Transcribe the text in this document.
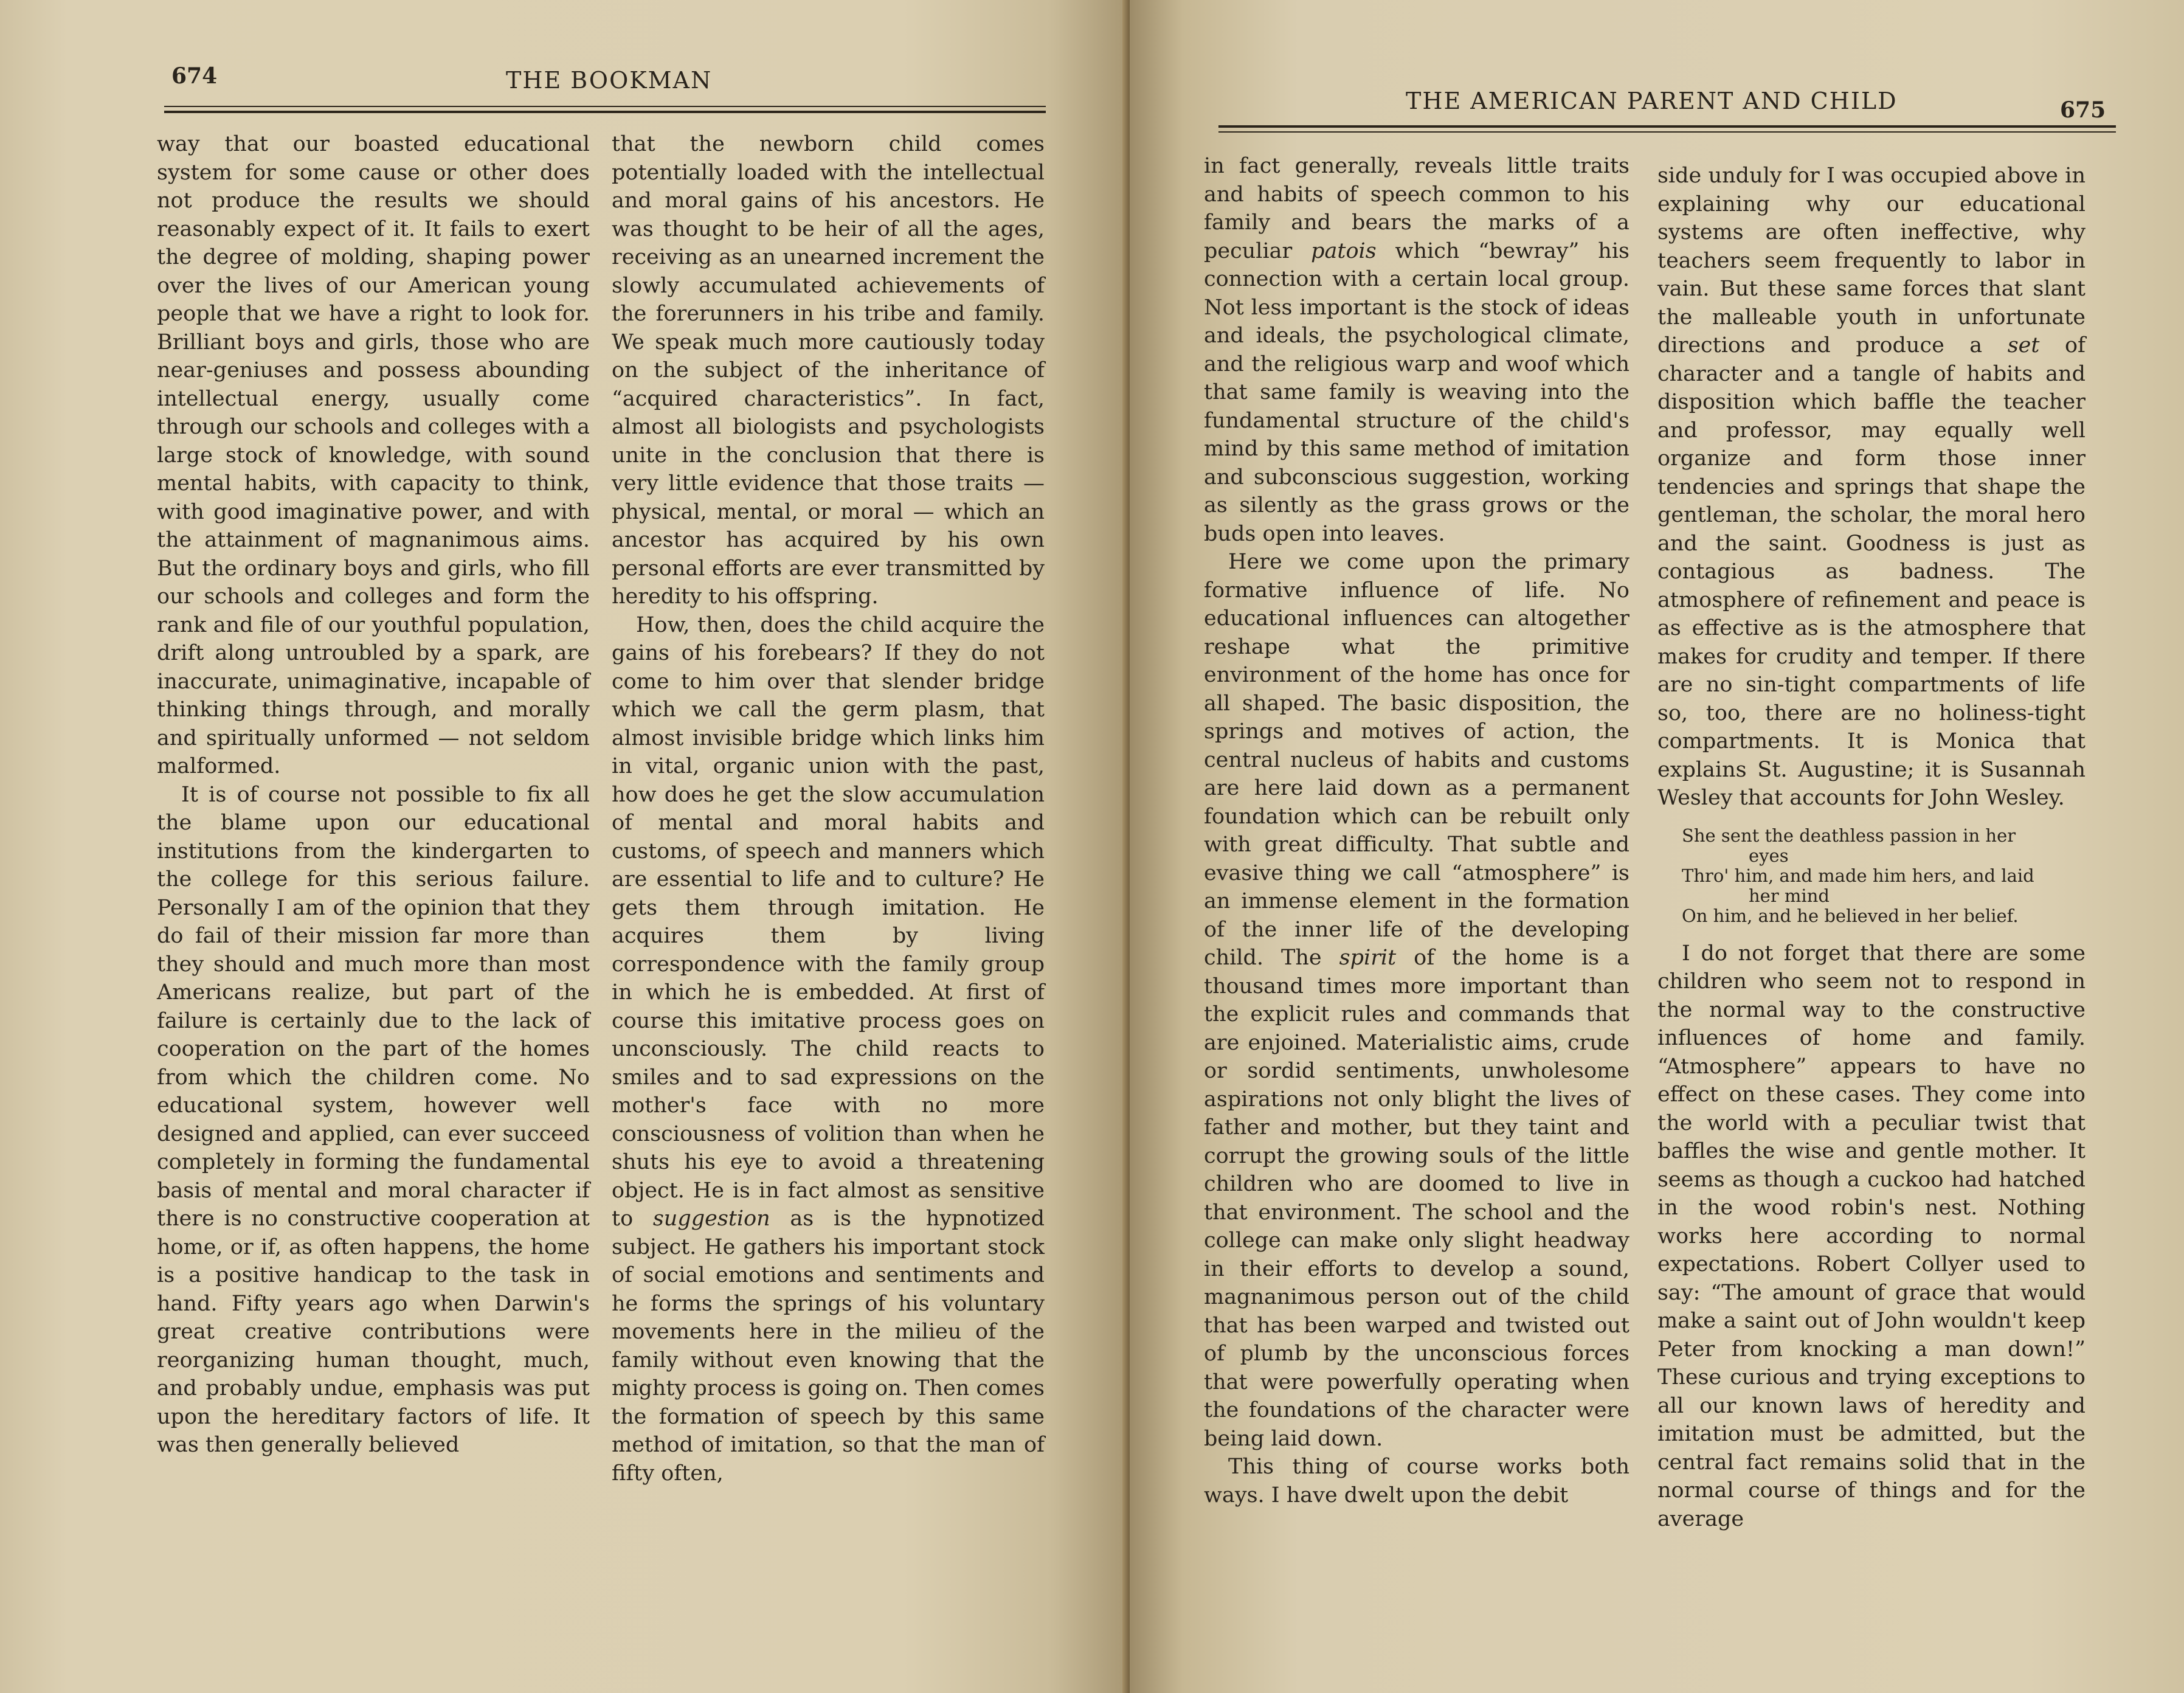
674	THE BOOKMAN

way that our boasted educational system for some cause or other does not produce the results we should reasonably expect of it. It fails to exert the degree of molding, shaping power over the lives of our American young people that we have a right to look for. Brilliant boys and girls, those who are near-geniuses and possess abounding intellectual energy, usually come through our schools and colleges with a large stock of knowledge, with sound mental habits, with capacity to think, with good imaginative power, and with the attainment of magnanimous aims. But the ordinary boys and girls, who fill our schools and colleges and form the rank and file of our youthful population, drift along untroubled by a spark, are inaccurate, unimaginative, incapable of thinking things through, and morally and spiritually unformed — not seldom malformed.

It is of course not possible to fix all the blame upon our educational institutions from the kindergarten to the college for this serious failure. Personally I am of the opinion that they do fail of their mission far more than they should and much more than most Americans realize, but part of the failure is certainly due to the lack of cooperation on the part of the homes from which the children come. No educational system, however well designed and applied, can ever succeed completely in forming the fundamental basis of mental and moral character if there is no constructive cooperation at home, or if, as often happens, the home is a positive handicap to the task in hand. Fifty years ago when Darwin's great creative contributions were reorganizing human thought, much, and probably undue, emphasis was put upon the hereditary factors of life. It was then generally believed

that the newborn child comes potentially loaded with the intellectual and moral gains of his ancestors. He was thought to be heir of all the ages, receiving as an unearned increment the slowly accumulated achievements of the forerunners in his tribe and family. We speak much more cautiously today on the subject of the inheritance of “acquired characteristics”. In fact, almost all biologists and psychologists unite in the conclusion that there is very little evidence that those traits — physical, mental, or moral — which an ancestor has acquired by his own personal efforts are ever transmitted by heredity to his offspring.

How, then, does the child acquire the gains of his forebears? If they do not come to him over that slender bridge which we call the germ plasm, that almost invisible bridge which links him in vital, organic union with the past, how does he get the slow accumulation of mental and moral habits and customs, of speech and manners which are essential to life and to culture? He gets them through imitation. He acquires them by living correspondence with the family group in which he is embedded. At first of course this imitative process goes on unconsciously. The child reacts to smiles and to sad expressions on the mother's face with no more consciousness of volition than when he shuts his eye to avoid a threatening object. He is in fact almost as sensitive to suggestion as is the hypnotized subject. He gathers his important stock of social emotions and sentiments and he forms the springs of his voluntary movements here in the milieu of the family without even knowing that the mighty process is going on. Then comes the formation of speech by this same method of imitation, so that the man of fifty often,

THE AMERICAN PARENT AND CHILD	675

in fact generally, reveals little traits and habits of speech common to his family and bears the marks of a peculiar patois which “bewray” his connection with a certain local group. Not less important is the stock of ideas and ideals, the psychological climate, and the religious warp and woof which that same family is weaving into the fundamental structure of the child's mind by this same method of imitation and subconscious suggestion, working as silently as the grass grows or the buds open into leaves.

Here we come upon the primary formative influence of life. No educational influences can altogether reshape what the primitive environment of the home has once for all shaped. The basic disposition, the springs and motives of action, the central nucleus of habits and customs are here laid down as a permanent foundation which can be rebuilt only with great difficulty. That subtle and evasive thing we call “atmosphere” is an immense element in the formation of the inner life of the developing child. The spirit of the home is a thousand times more important than the explicit rules and commands that are enjoined. Materialistic aims, crude or sordid sentiments, unwholesome aspirations not only blight the lives of father and mother, but they taint and corrupt the growing souls of the little children who are doomed to live in that environment. The school and the college can make only slight headway in their efforts to develop a sound, magnanimous person out of the child that has been warped and twisted out of plumb by the unconscious forces that were powerfully operating when the foundations of the character were being laid down.

This thing of course works both ways. I have dwelt upon the debit

side unduly for I was occupied above in explaining why our educational systems are often ineffective, why teachers seem frequently to labor in vain. But these same forces that slant the malleable youth in unfortunate directions and produce a set of character and a tangle of habits and disposition which baffle the teacher and professor, may equally well organize and form those inner tendencies and springs that shape the gentleman, the scholar, the moral hero and the saint. Goodness is just as contagious as badness. The atmosphere of refinement and peace is as effective as is the atmosphere that makes for crudity and temper. If there are no sin-tight compartments of life so, too, there are no holiness-tight compartments. It is Monica that explains St. Augustine; it is Susannah Wesley that accounts for John Wesley.

She sent the deathless passion in her
eyes
Thro' him, and made him hers, and laid
her mind
On him, and he believed in her belief.

I do not forget that there are some children who seem not to respond in the normal way to the constructive influences of home and family. “Atmosphere” appears to have no effect on these cases. They come into the world with a peculiar twist that baffles the wise and gentle mother. It seems as though a cuckoo had hatched in the wood robin's nest. Nothing works here according to normal expectations. Robert Collyer used to say: “The amount of grace that would make a saint out of John wouldn't keep Peter from knocking a man down!” These curious and trying exceptions to all our known laws of heredity and imitation must be admitted, but the central fact remains solid that in the normal course of things and for the average
